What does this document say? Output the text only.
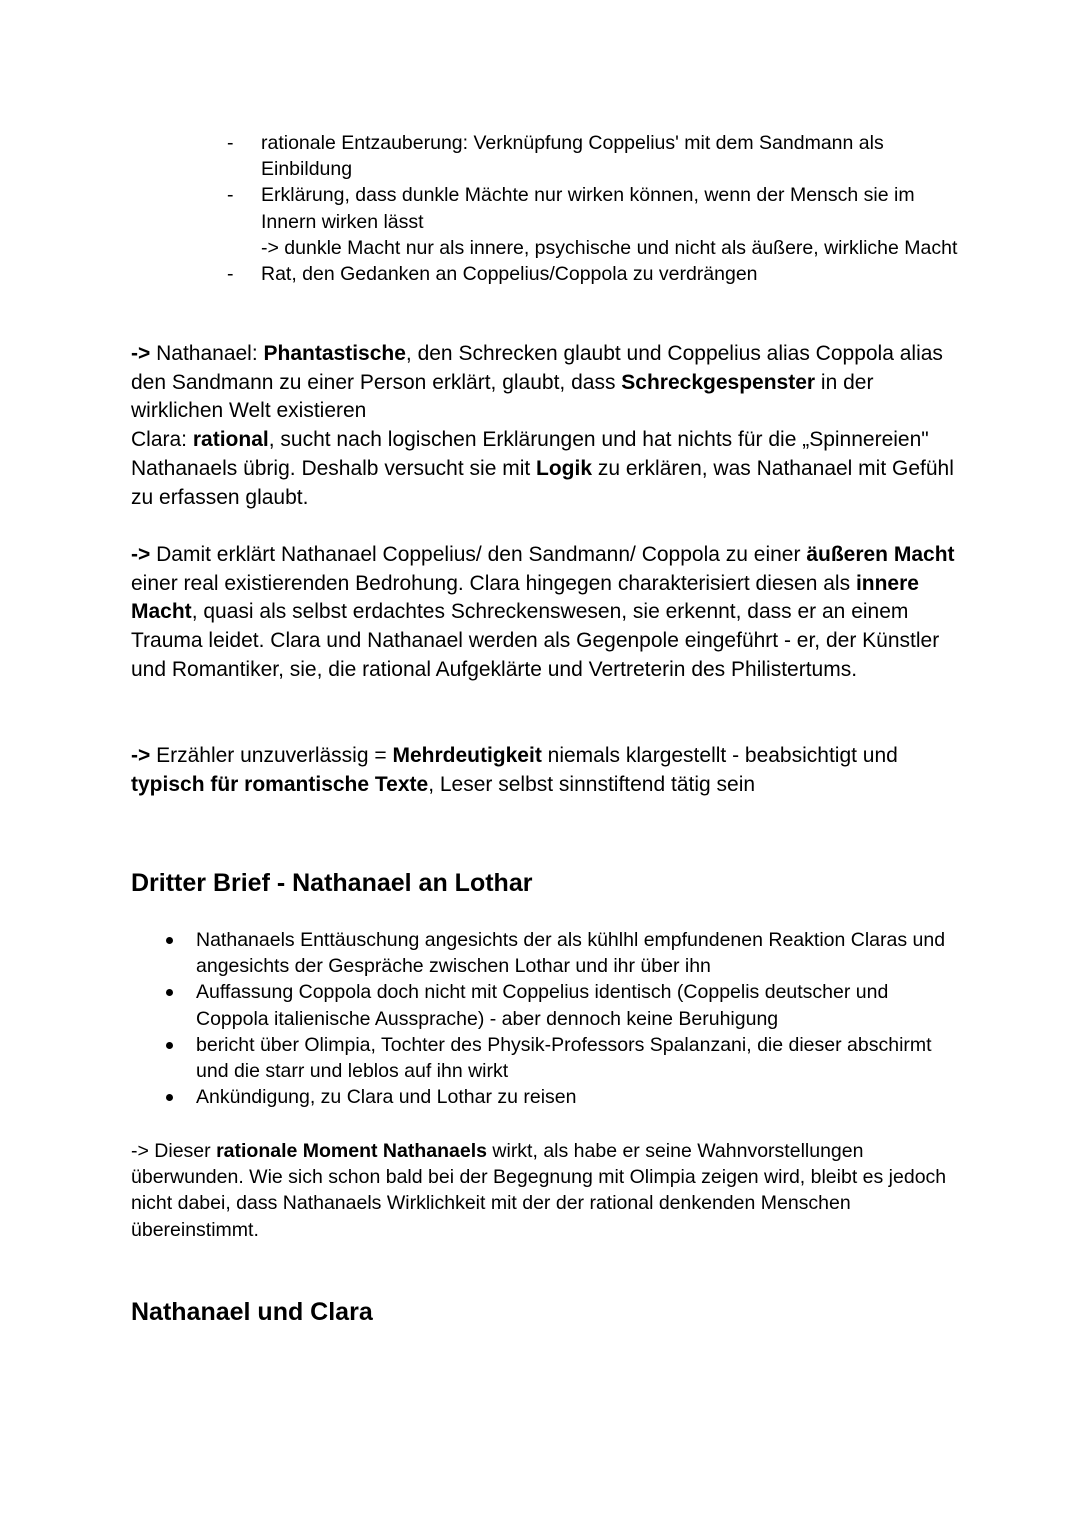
- rationale Entzauberung: Verknüpfung Coppelius' mit dem Sandmann als Einbildung
- Erklärung, dass dunkle Mächte nur wirken können, wenn der Mensch sie im Innern wirken lässt
-> dunkle Macht nur als innere, psychische und nicht als äußere, wirkliche Macht
- Rat, den Gedanken an Coppelius/Coppola zu verdrängen
-> Nathanael: Phantastische, den Schrecken glaubt und Coppelius alias Coppola alias den Sandmann zu einer Person erklärt, glaubt, dass Schreckgespenster in der wirklichen Welt existieren
Clara: rational, sucht nach logischen Erklärungen und hat nichts für die „Spinnereien" Nathanaels übrig. Deshalb versucht sie mit Logik zu erklären, was Nathanael mit Gefühl zu erfassen glaubt.
-> Damit erklärt Nathanael Coppelius/ den Sandmann/ Coppola zu einer äußeren Macht einer real existierenden Bedrohung. Clara hingegen charakterisiert diesen als innere Macht, quasi als selbst erdachtes Schreckenswesen, sie erkennt, dass er an einem Trauma leidet. Clara und Nathanael werden als Gegenpole eingeführt - er, der Künstler und Romantiker, sie, die rational Aufgeklärte und Vertreterin des Philistertums.
-> Erzähler unzuverlässig = Mehrdeutigkeit niemals klargestellt - beabsichtigt und typisch für romantische Texte, Leser selbst sinnstiftend tätig sein
Dritter Brief - Nathanael an Lothar
Nathanaels Enttäuschung angesichts der als kühlhl empfundenen Reaktion Claras und angesichts der Gespräche zwischen Lothar und ihr über ihn
Auffassung Coppola doch nicht mit Coppelius identisch (Coppelis deutscher und Coppola italienische Aussprache) - aber dennoch keine Beruhigung
bericht über Olimpia, Tochter des Physik-Professors Spalanzani, die dieser abschirmt und die starr und leblos auf ihn wirkt
Ankündigung, zu Clara und Lothar zu reisen
-> Dieser rationale Moment Nathanaels wirkt, als habe er seine Wahnvorstellungen überwunden. Wie sich schon bald bei der Begegnung mit Olimpia zeigen wird, bleibt es jedoch nicht dabei, dass Nathanaels Wirklichkeit mit der der rational denkenden Menschen übereinstimmt.
Nathanael und Clara
